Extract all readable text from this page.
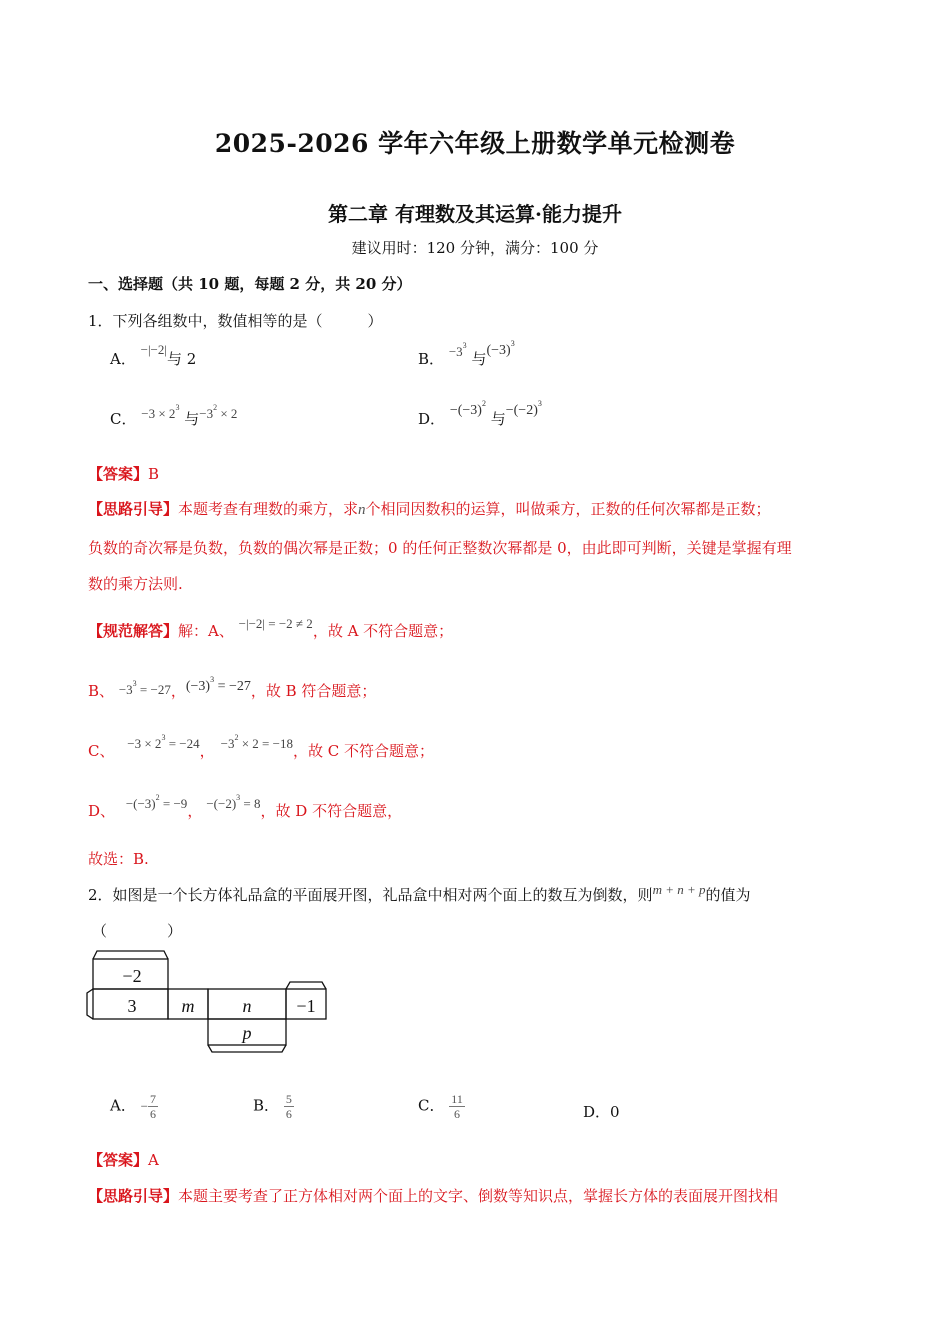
2025-2026 学年六年级上册数学单元检测卷
第二章 有理数及其运算·能力提升
建议用时：120 分钟，满分：100 分
一、选择题（共 10 题，每题 2 分，共 20 分）
1．下列各组数中，数值相等的是（　　　）
A． −|−2|与 2	B． $-3^3$ 与$(-3)^3$
C． $-3 \times 2^3$ 与$-3^2 \times 2$	D． $-(-3)^2$ 与$-(-2)^3$
【答案】B
【思路引导】本题考查有理数的乘方，求n个相同因数积的运算，叫做乘方，正数的任何次幂都是正数；
负数的奇次幂是负数，负数的偶次幂是正数；0 的任何正整数次幂都是 0，由此即可判断，关键是掌握有理
数的乘方法则.
【规范解答】解：A、 −|−2| = −2 ≠ 2，故 A 不符合题意；
B、 $-3^3 = -27$，$(-3)^3 = -27$，故 B 符合题意；
C、 $-3 \times 2^3 = -24$， $-3^2 \times 2 = -18$，故 C 不符合题意；
D、 $-(-3)^2 = -9$， $-(-2)^3 = 8$，故 D 不符合题意，
故选：B.
2．如图是一个长方体礼品盒的平面展开图，礼品盒中相对两个面上的数互为倒数，则m + n + p的值为
（　　　　）
−2
3	m	n −1
p
A． − $\frac{7}{6}$	B． $\frac{5}{6}$	C． $\frac{11}{6}$	D．0
【答案】A
【思路引导】本题主要考查了正方体相对两个面上的文字、倒数等知识点，掌握长方体的表面展开图找相
